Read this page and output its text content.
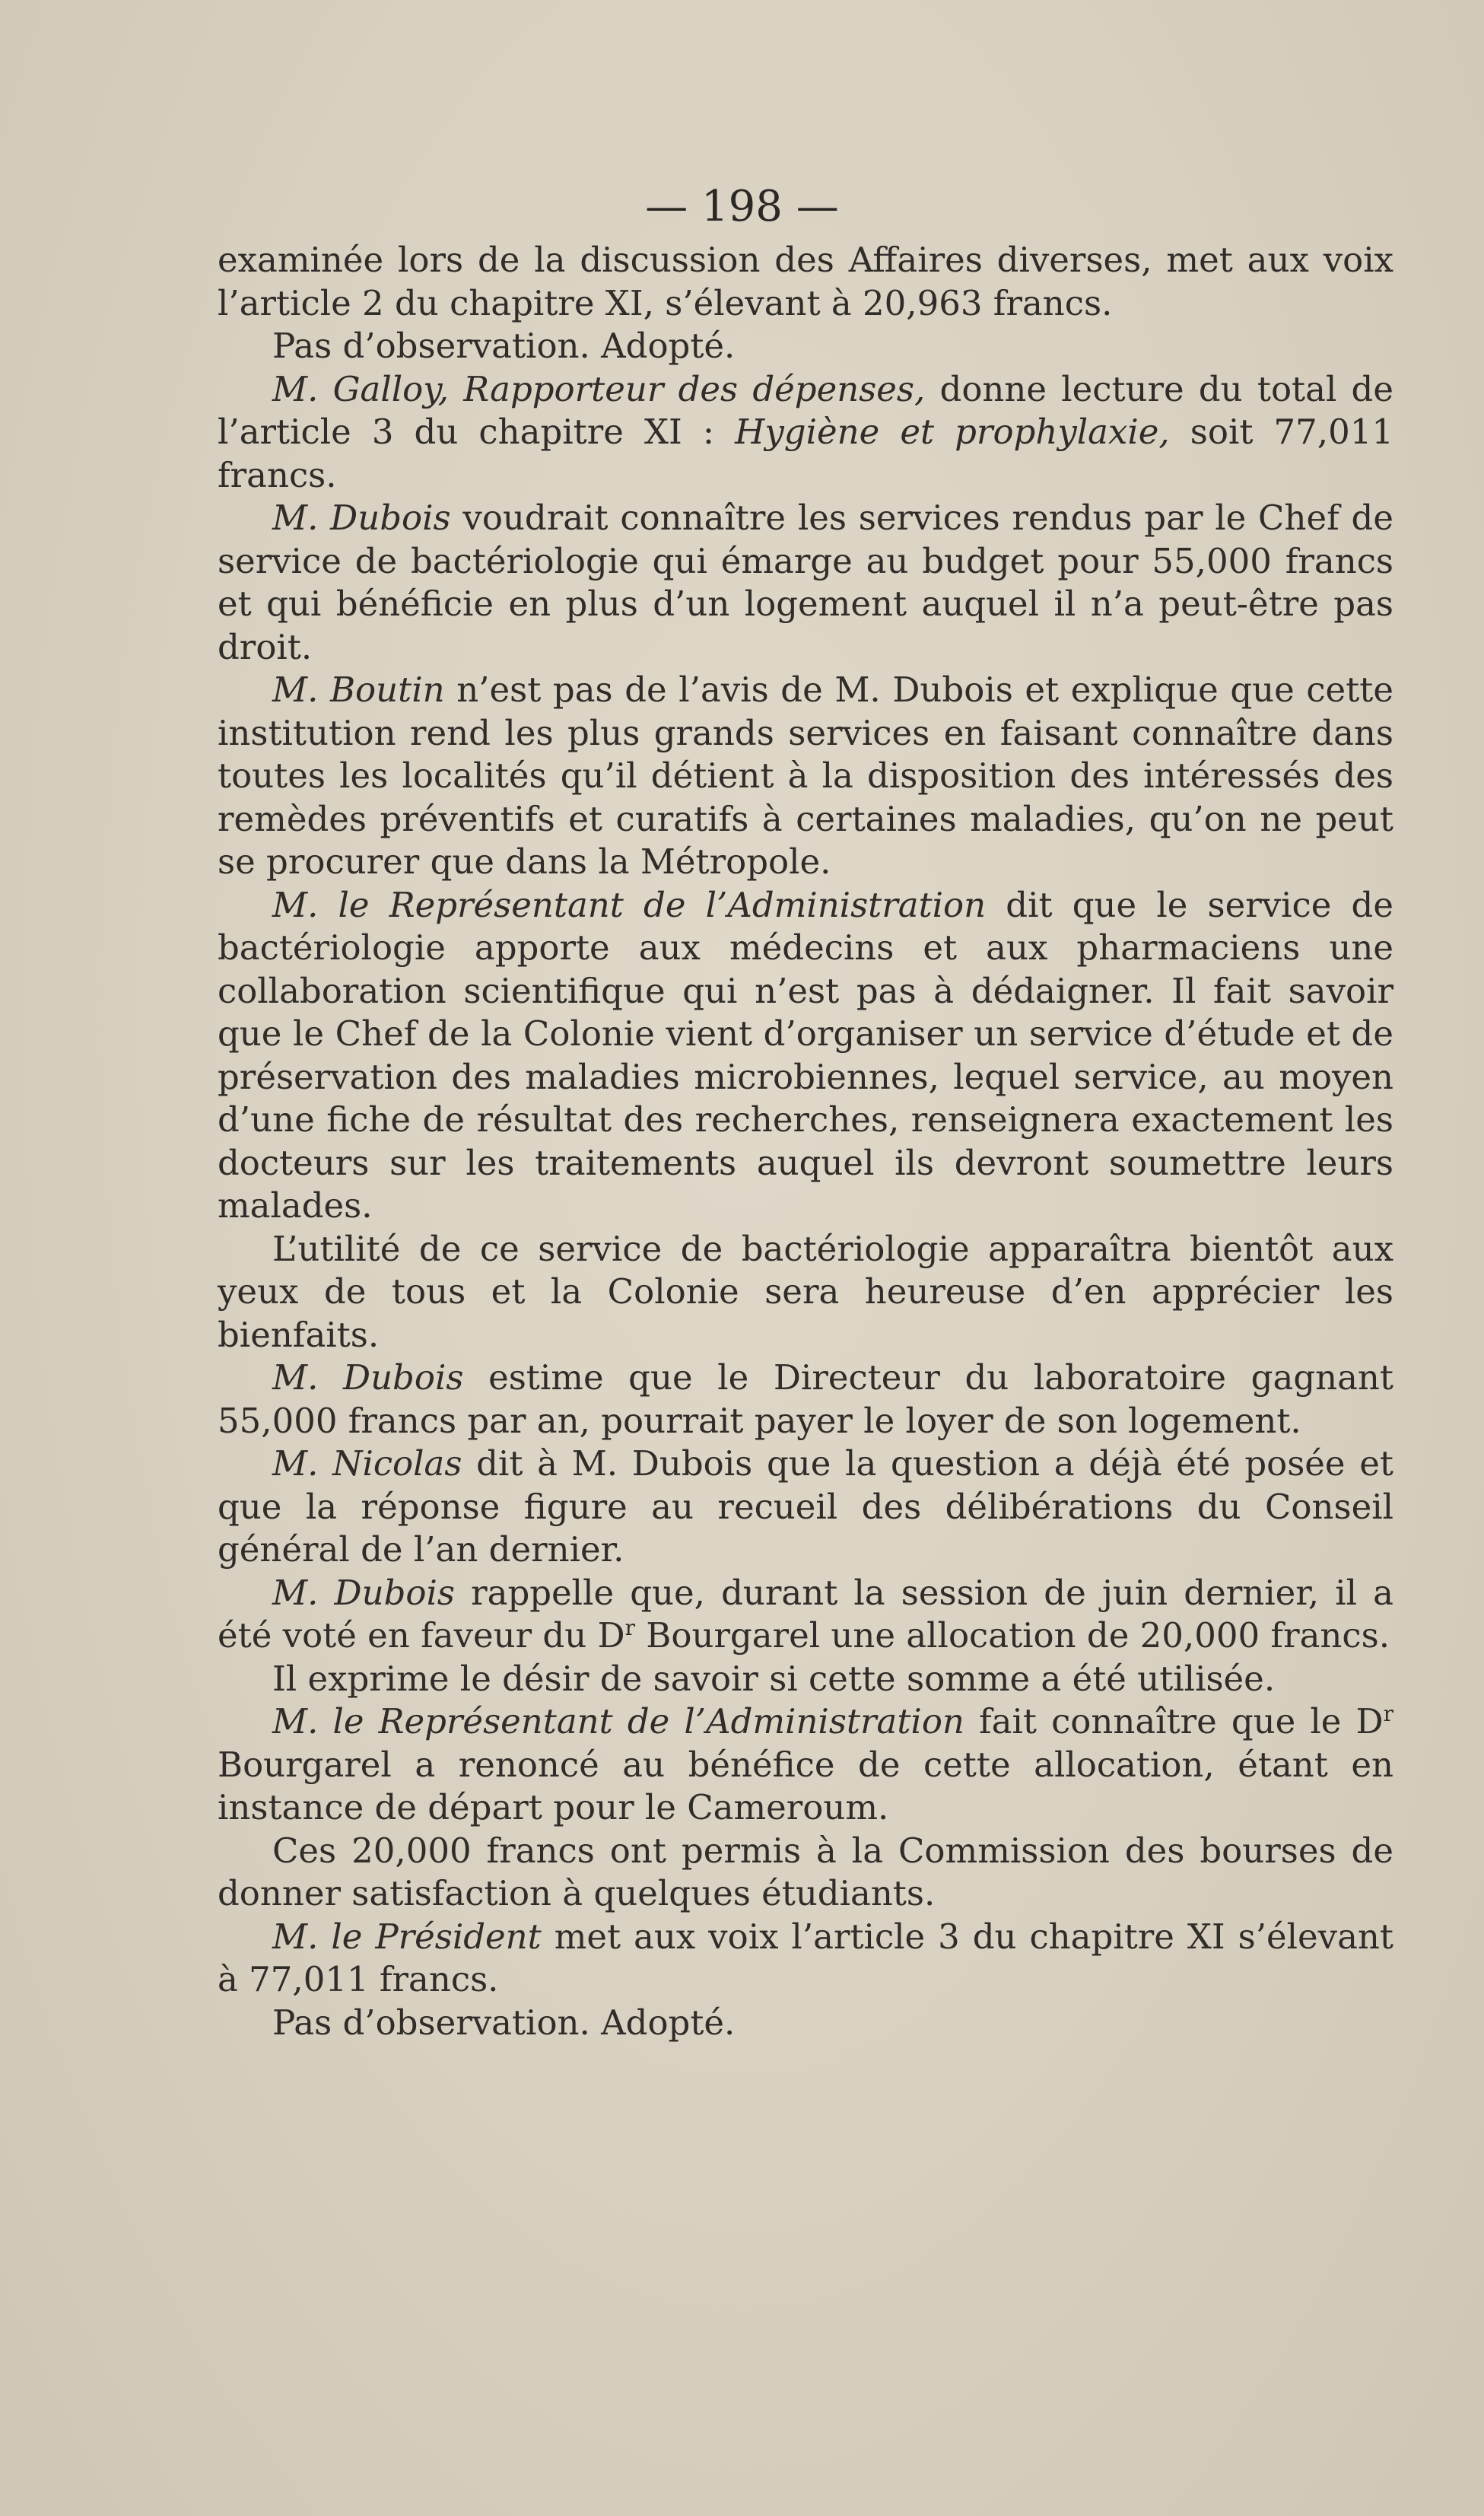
— 198 —

examinée lors de la discussion des Affaires diverses, met aux voix l’article 2 du chapitre XI, s’élevant à 20,963 francs.

Pas d’observation. Adopté.

M. Galloy, Rapporteur des dépenses, donne lecture du total de l’article 3 du chapitre XI : Hygiène et prophylaxie, soit 77,011 francs.

M. Dubois voudrait connaître les services rendus par le Chef de service de bactériologie qui émarge au budget pour 55,000 francs et qui bénéficie en plus d’un logement auquel il n’a peut-être pas droit.

M. Boutin n’est pas de l’avis de M. Dubois et explique que cette institution rend les plus grands services en faisant connaître dans toutes les localités qu’il détient à la disposition des intéressés des remèdes préventifs et curatifs à certaines maladies, qu’on ne peut se procurer que dans la Métropole.

M. le Représentant de l’Administration dit que le service de bactériologie apporte aux médecins et aux pharmaciens une collaboration scientifique qui n’est pas à dédaigner. Il fait savoir que le Chef de la Colonie vient d’organiser un service d’étude et de préservation des maladies microbiennes, lequel service, au moyen d’une fiche de résultat des recherches, renseignera exactement les docteurs sur les traitements auquel ils devront soumettre leurs malades.

L’utilité de ce service de bactériologie apparaîtra bientôt aux yeux de tous et la Colonie sera heureuse d’en apprécier les bienfaits.

M. Dubois estime que le Directeur du laboratoire gagnant 55,000 francs par an, pourrait payer le loyer de son logement.

M. Nicolas dit à M. Dubois que la question a déjà été posée et que la réponse figure au recueil des délibérations du Conseil général de l’an dernier.

M. Dubois rappelle que, durant la session de juin dernier, il a été voté en faveur du $D^r$ Bourgarel une allocation de 20,000 francs.

Il exprime le désir de savoir si cette somme a été utilisée.

M. le Représentant de l’Administration fait connaître que le $D^r$ Bourgarel a renoncé au bénéfice de cette allocation, étant en instance de départ pour le Cameroum.

Ces 20,000 francs ont permis à la Commission des bourses de donner satisfaction à quelques étudiants.

M. le Président met aux voix l’article 3 du chapitre XI s’élevant à 77,011 francs.

Pas d’observation. Adopté.
